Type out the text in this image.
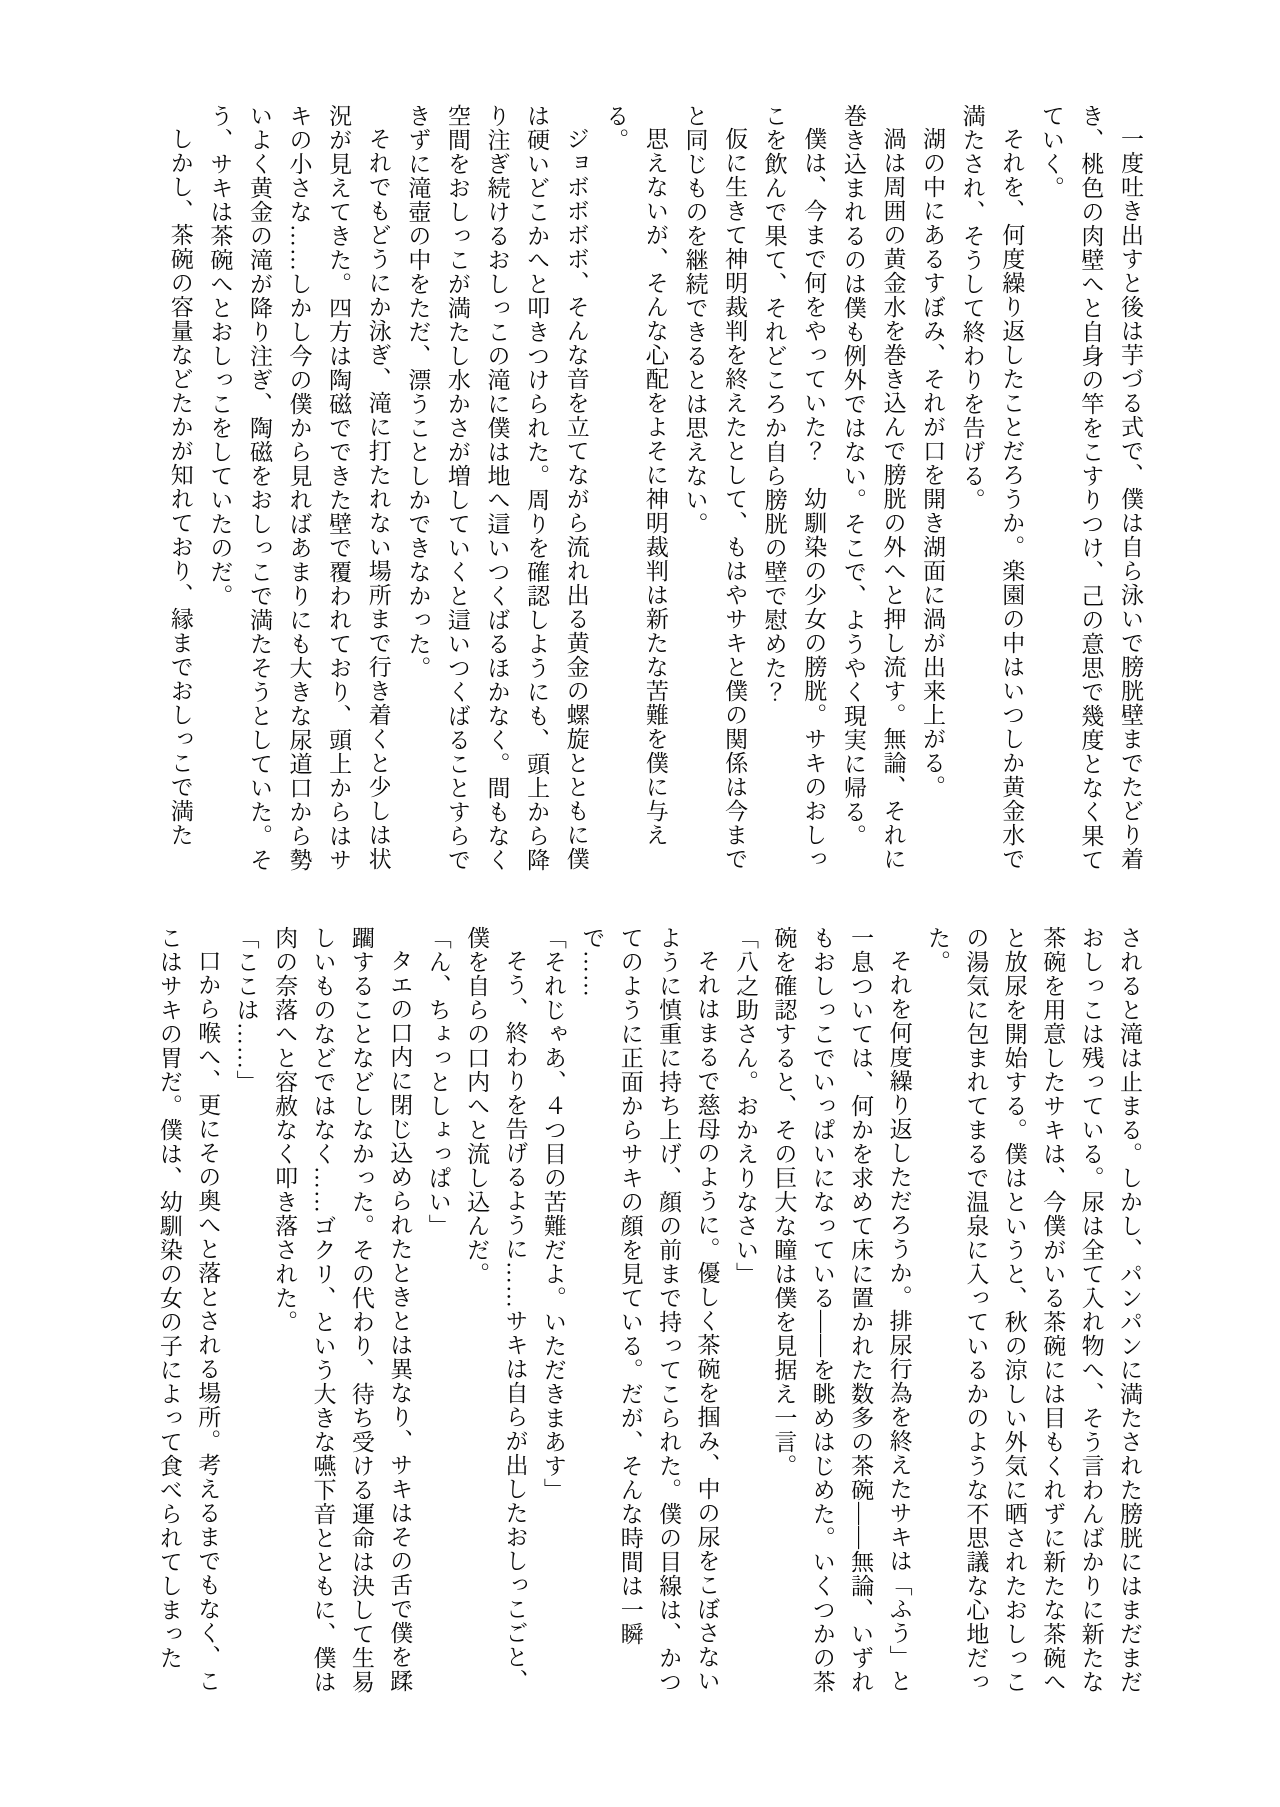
一度吐き出すと後は芋づる式で、僕は自ら泳いで膀胱壁までたどり着き、桃色の肉壁へと自身の竿をこすりつけ、己の意思で幾度となく果てていく。

それを、何度繰り返したことだろうか。楽園の中はいつしか黄金水で満たされ、そうして終わりを告げる。

湖の中にあるすぼみ、それが口を開き湖面に渦が出来上がる。

渦は周囲の黄金水を巻き込んで膀胱の外へと押し流す。無論、それに巻き込まれるのは僕も例外ではない。そこで、ようやく現実に帰る。

僕は、今まで何をやっていた？　幼馴染の少女の膀胱。サキのおしっこを飲んで果て、それどころか自ら膀胱の壁で慰めた？

仮に生きて神明裁判を終えたとして、もはやサキと僕の関係は今までと同じものを継続できるとは思えない。

思えないが、そんな心配をよそに神明裁判は新たな苦難を僕に与える。

ジョボボボボ、そんな音を立てながら流れ出る黄金の螺旋とともに僕は硬いどこかへと叩きつけられた。周りを確認しようにも、頭上から降り注ぎ続けるおしっこの滝に僕は地へ這いつくばるほかなく。間もなく空間をおしっこが満たし水かさが増していくと這いつくばることすらできずに滝壺の中をただ、漂うことしかできなかった。

それでもどうにか泳ぎ、滝に打たれない場所まで行き着くと少しは状況が見えてきた。四方は陶磁でできた壁で覆われており、頭上からはサキの小さな……しかし今の僕から見ればあまりにも大きな尿道口から勢いよく黄金の滝が降り注ぎ、陶磁をおしっこで満たそうとしていた。そう、サキは茶碗へとおしっこをしていたのだ。

しかし、茶碗の容量などたかが知れており、縁までおしっこで満た

されると滝は止まる。しかし、パンパンに満たされた膀胱にはまだまだおしっこは残っている。尿は全て入れ物へ、そう言わんばかりに新たな茶碗を用意したサキは、今僕がいる茶碗には目もくれずに新たな茶碗へと放尿を開始する。僕はというと、秋の涼しい外気に晒されたおしっこの湯気に包まれてまるで温泉に入っているかのような不思議な心地だった。

それを何度繰り返しただろうか。排尿行為を終えたサキは「ふう」と一息ついては、何かを求めて床に置かれた数多の茶碗――無論、いずれもおしっこでいっぱいになっている――を眺めはじめた。いくつかの茶碗を確認すると、その巨大な瞳は僕を見据え一言。

「八之助さん。おかえりなさい」

それはまるで慈母のように。優しく茶碗を掴み、中の尿をこぼさないように慎重に持ち上げ、顔の前まで持ってこられた。僕の目線は、かつてのように正面からサキの顔を見ている。だが、そんな時間は一瞬で……

「それじゃあ、４つ目の苦難だよ。いただきまあす」

そう、終わりを告げるように……サキは自らが出したおしっこごと、僕を自らの口内へと流し込んだ。

「ん、ちょっとしょっぱい」

タエの口内に閉じ込められたときとは異なり、サキはその舌で僕を蹂躙することなどしなかった。その代わり、待ち受ける運命は決して生易しいものなどではなく……ゴクリ、という大きな嚥下音とともに、僕は肉の奈落へと容赦なく叩き落された。

「ここは……」

口から喉へ、更にその奥へと落とされる場所。考えるまでもなく、ここはサキの胃だ。僕は、幼馴染の女の子によって食べられてしまった
